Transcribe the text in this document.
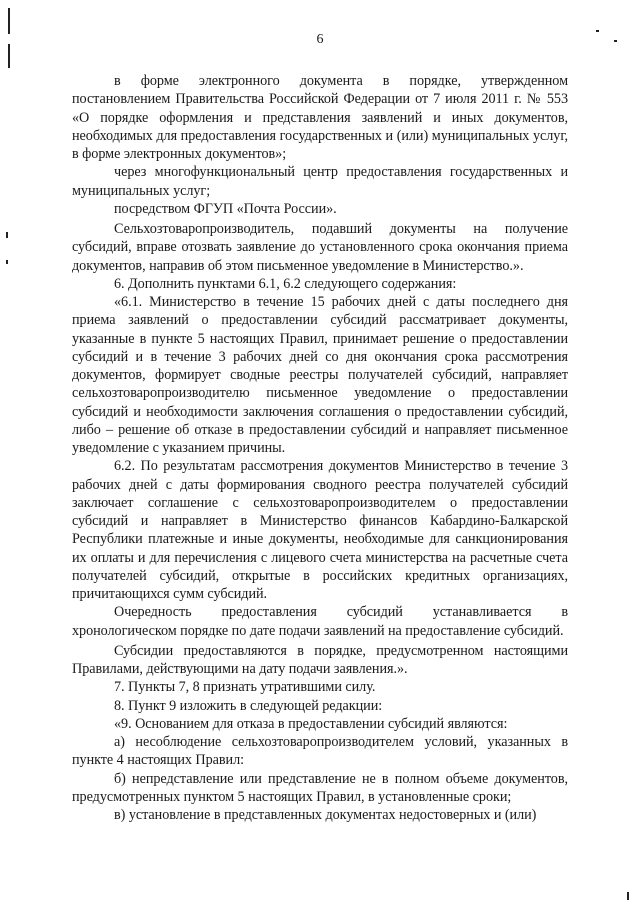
6

в форме электронного документа в порядке, утвержденном постановлением Правительства Российской Федерации от 7 июля 2011 г. № 553 «О порядке оформления и представления заявлений и иных документов, необходимых для предоставления государственных и (или) муниципальных услуг, в форме электронных документов»;

через многофункциональный центр предоставления государственных и муниципальных услуг;

посредством ФГУП «Почта России».

Сельхозтоваропроизводитель, подавший документы на получение субсидий, вправе отозвать заявление до установленного срока окончания приема документов, направив об этом письменное уведомление в Министерство.».

6. Дополнить пунктами 6.1, 6.2 следующего содержания:

«6.1. Министерство в течение 15 рабочих дней с даты последнего дня приема заявлений о предоставлении субсидий рассматривает документы, указанные в пункте 5 настоящих Правил, принимает решение о предоставлении субсидий и в течение 3 рабочих дней со дня окончания срока рассмотрения документов, формирует сводные реестры получателей субсидий, направляет сельхозтоваропроизводителю письменное уведомление о предоставлении субсидий и необходимости заключения соглашения о предоставлении субсидий, либо – решение об отказе в предоставлении субсидий и направляет письменное уведомление с указанием причины.

6.2. По результатам рассмотрения документов Министерство в течение 3 рабочих дней с даты формирования сводного реестра получателей субсидий заключает соглашение с сельхозтоваропроизводителем о предоставлении субсидий и направляет в Министерство финансов Кабардино-Балкарской Республики платежные и иные документы, необходимые для санкционирования их оплаты и для перечисления с лицевого счета министерства на расчетные счета получателей субсидий, открытые в российских кредитных организациях, причитающихся сумм субсидий.

Очередность предоставления субсидий устанавливается в хронологическом порядке по дате подачи заявлений на предоставление субсидий.

Субсидии предоставляются в порядке, предусмотренном настоящими Правилами, действующими на дату подачи заявления.».

7. Пункты 7, 8 признать утратившими силу.

8. Пункт 9 изложить в следующей редакции:

«9. Основанием для отказа в предоставлении субсидий являются:

а) несоблюдение сельхозтоваропроизводителем условий, указанных в пункте 4 настоящих Правил:

б) непредставление или представление не в полном объеме документов, предусмотренных пунктом 5 настоящих Правил, в установленные сроки;

в) установление в представленных документах недостоверных и (или)
